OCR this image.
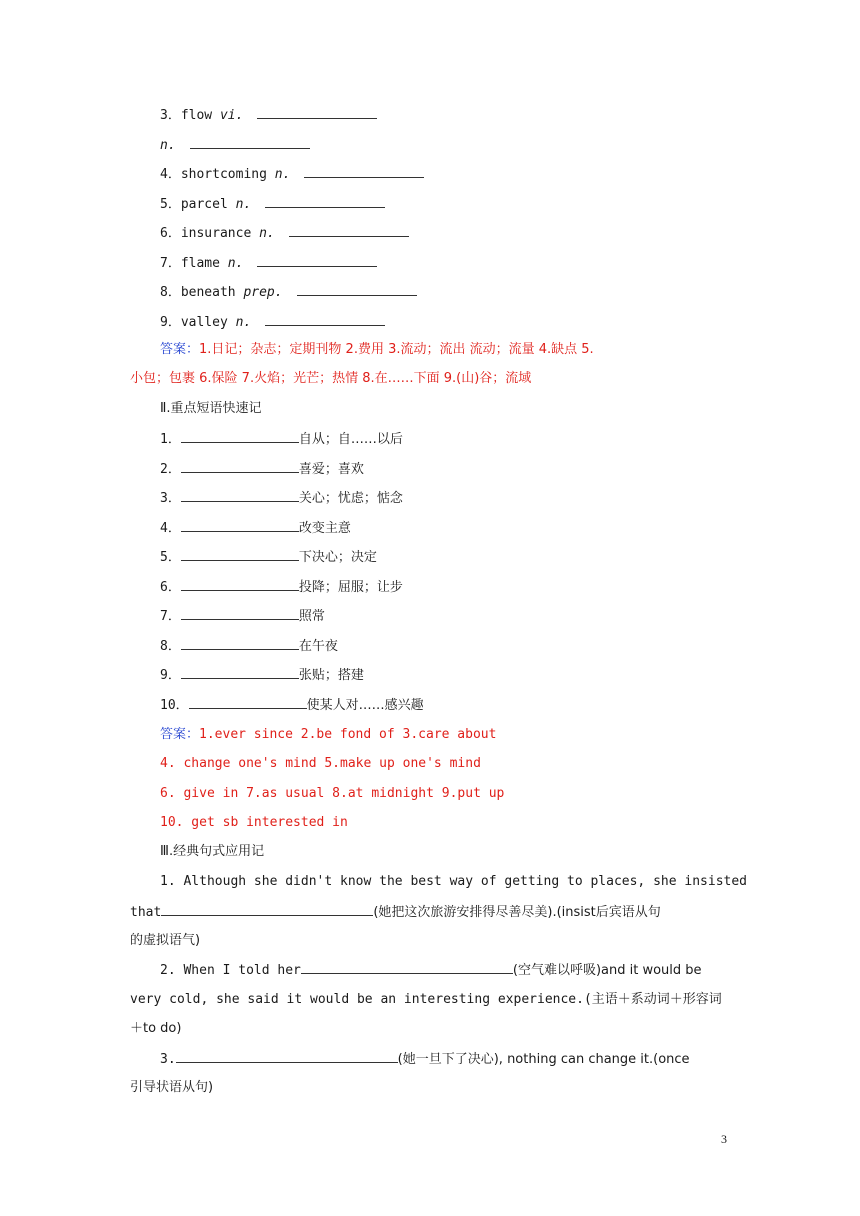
3．flow vi.
n.
4．shortcoming n.
5．parcel n.
6．insurance n.
7．flame n.
8．beneath prep.
9．valley n.
答案：1.日记；杂志；定期刊物 2.费用 3.流动；流出 流动；流量 4.缺点 5.
小包；包裹 6.保险 7.火焰；光芒；热情 8.在……下面 9.(山)谷；流域
Ⅱ.重点短语快速记
1．	自从；自……以后
2．	喜爱；喜欢
3．	关心；忧虑；惦念
4．	改变主意
5．	下决心；决定
6．	投降；屈服；让步
7．	照常
8．	在午夜
9．	张贴；搭建
10．	使某人对……感兴趣
答案：1.ever since 2.be fond of 3.care about
4. change one's mind 5.make up one's mind
6. give in 7.as usual 8.at midnight 9.put up
10. get sb interested in
Ⅲ.经典句式应用记
1. Although she didn't know the best way of getting to places, she insisted
that	(她把这次旅游安排得尽善尽美).(insist后宾语从句
的虚拟语气)
2. When I told her	(空气难以呼吸)and it would be
very cold, she said it would be an interesting experience.(主语＋系动词＋形容词
＋to do)
3.	(她一旦下了决心), nothing can change it.(once
引导状语从句)
3
